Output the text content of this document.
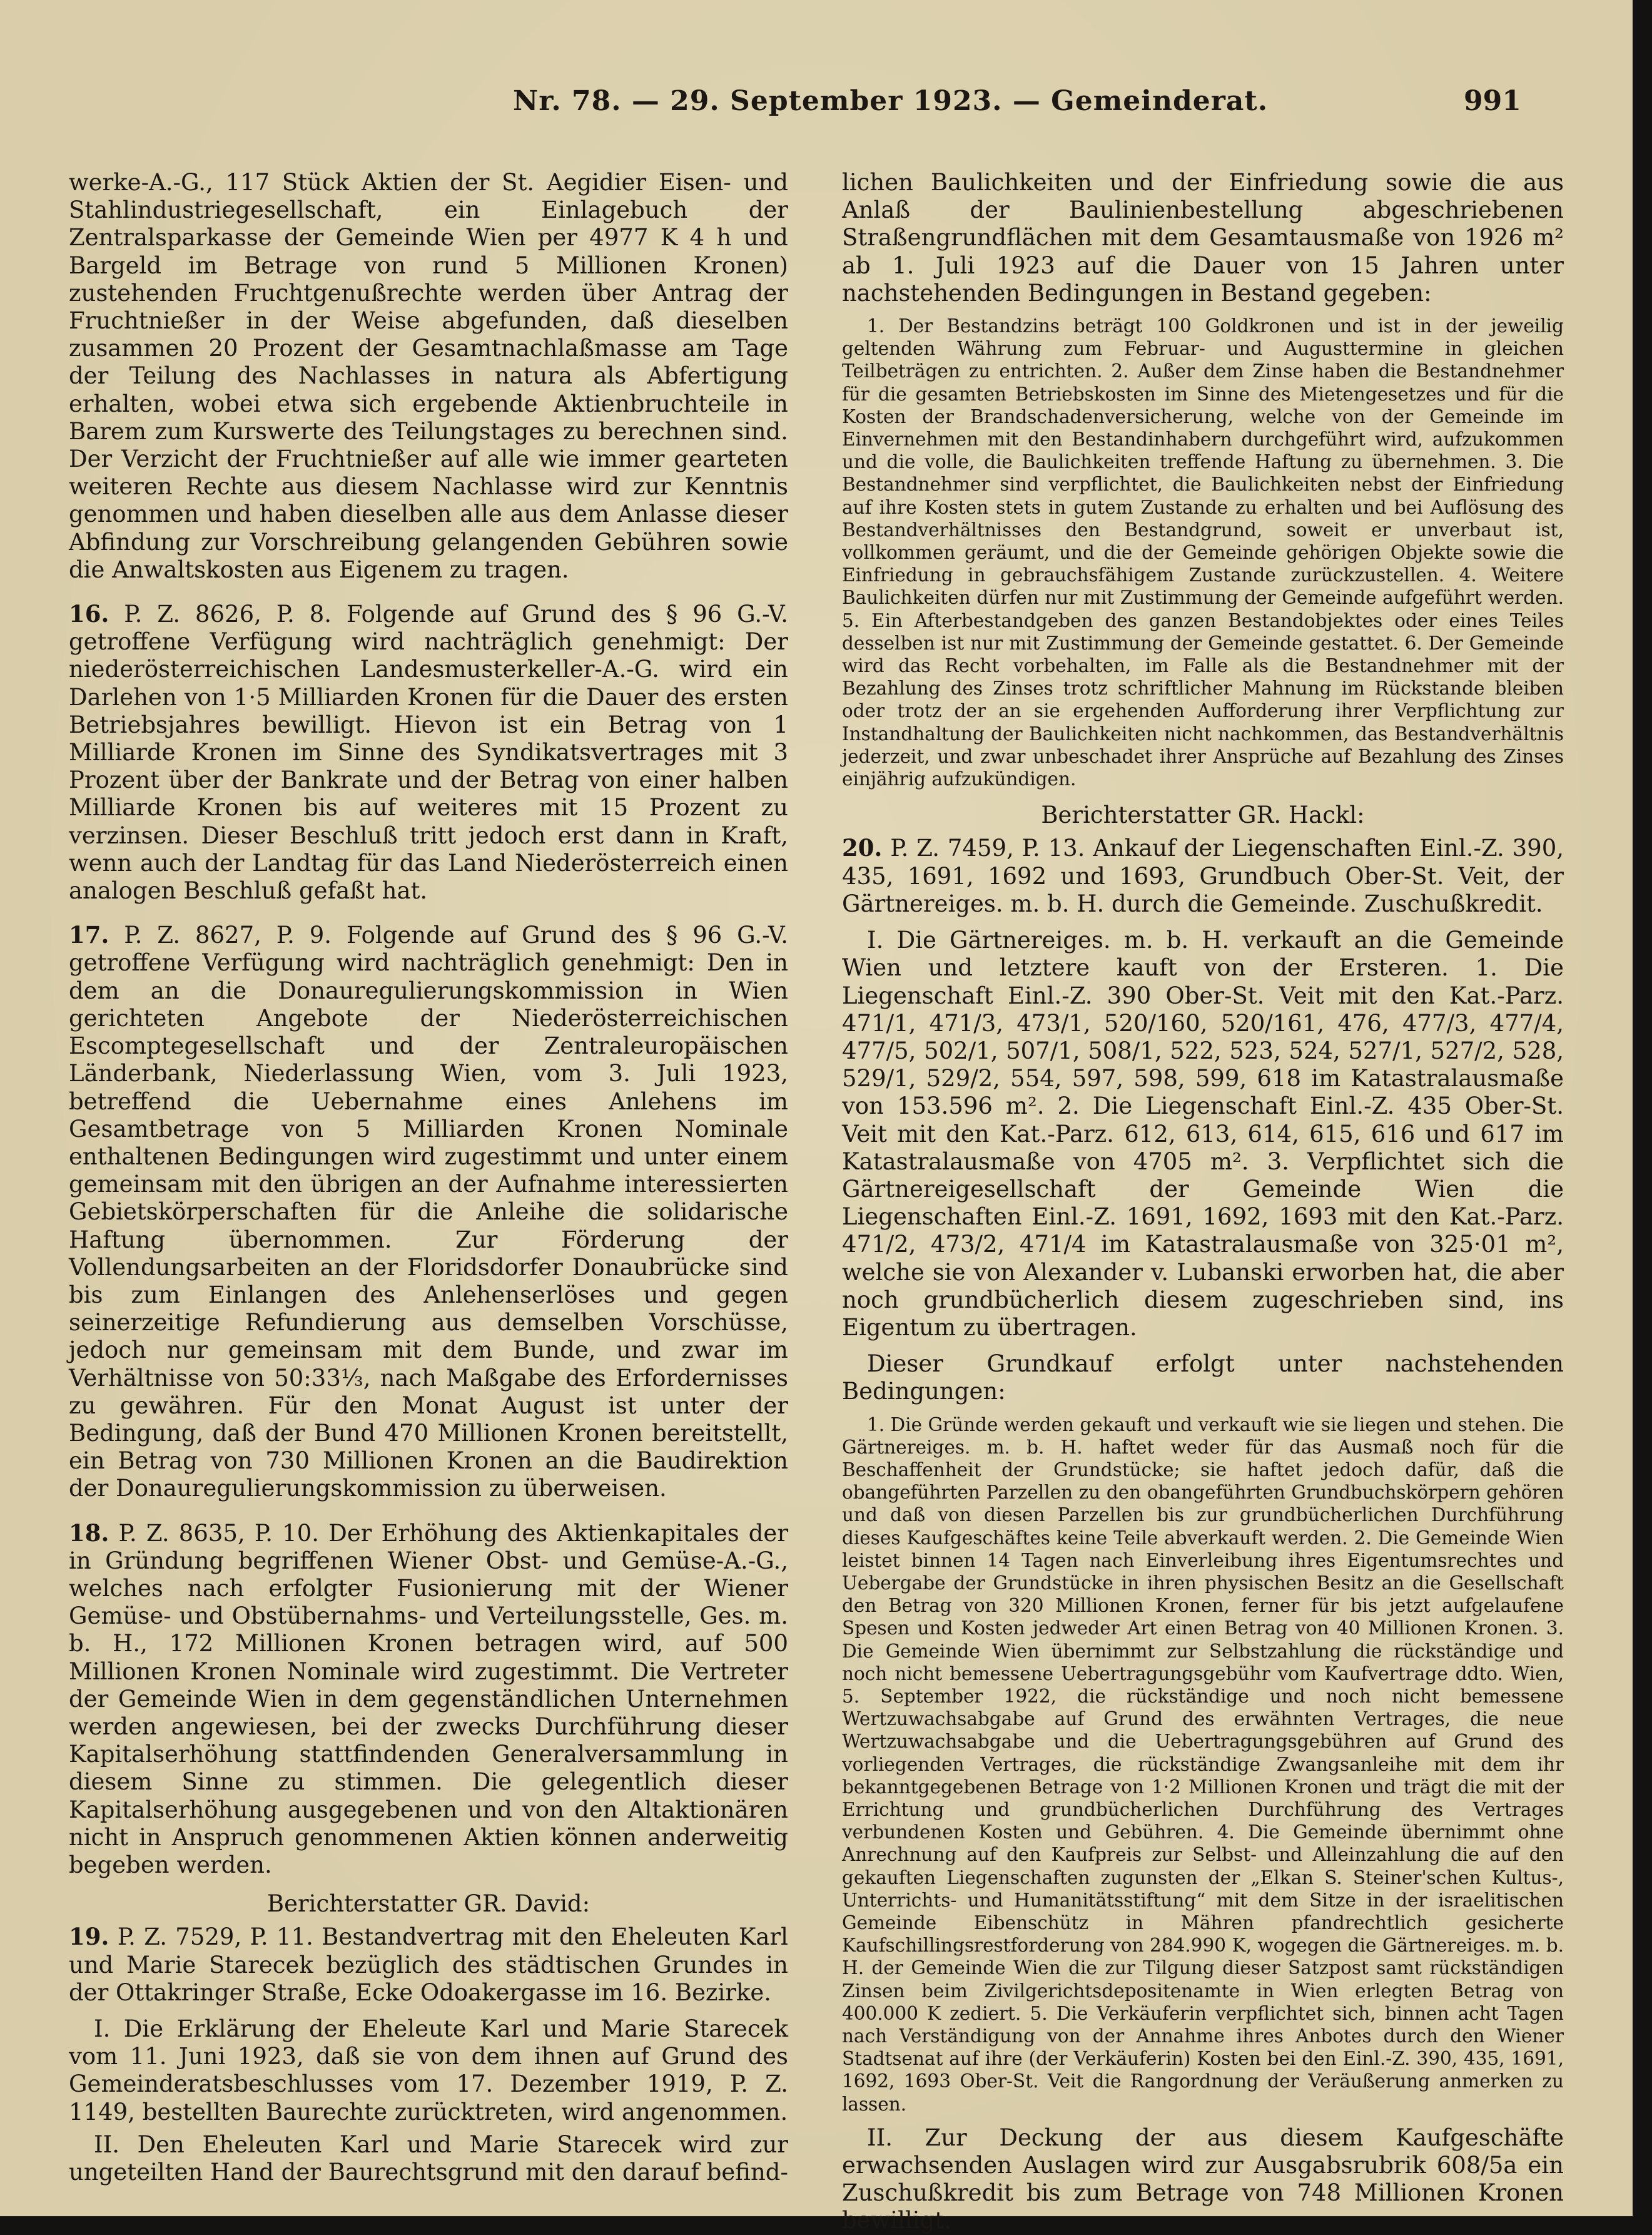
Nr. 78. — 29. September 1923. — Gemeinderat.	991

werke-A.-G., 117 Stück Aktien der St. Aegidier Eisen- und Stahlindustriegesellschaft, ein Einlagebuch der Zentralsparkasse der Gemeinde Wien per 4977 K 4 h und Bargeld im Betrage von rund 5 Millionen Kronen) zustehenden Fruchtgenußrechte werden über Antrag der Fruchtnießer in der Weise abgefunden, daß dieselben zusammen 20 Prozent der Gesamtnachlaßmasse am Tage der Teilung des Nachlasses in natura als Abfertigung erhalten, wobei etwa sich ergebende Aktienbruchteile in Barem zum Kurswerte des Teilungstages zu berechnen sind. Der Verzicht der Fruchtnießer auf alle wie immer gearteten weiteren Rechte aus diesem Nachlasse wird zur Kenntnis genommen und haben dieselben alle aus dem Anlasse dieser Abfindung zur Vorschreibung gelangenden Gebühren sowie die Anwaltskosten aus Eigenem zu tragen.

16. P. Z. 8626, P. 8. Folgende auf Grund des § 96 G.-V. getroffene Verfügung wird nachträglich genehmigt: Der niederösterreichischen Landesmusterkeller-A.-G. wird ein Darlehen von 1·5 Milliarden Kronen für die Dauer des ersten Betriebsjahres bewilligt. Hievon ist ein Betrag von 1 Milliarde Kronen im Sinne des Syndikatsvertrages mit 3 Prozent über der Bankrate und der Betrag von einer halben Milliarde Kronen bis auf weiteres mit 15 Prozent zu verzinsen. Dieser Beschluß tritt jedoch erst dann in Kraft, wenn auch der Landtag für das Land Niederösterreich einen analogen Beschluß gefaßt hat.

17. P. Z. 8627, P. 9. Folgende auf Grund des § 96 G.-V. getroffene Verfügung wird nachträglich genehmigt: Den in dem an die Donauregulierungskommission in Wien gerichteten Angebote der Niederösterreichischen Escomptegesellschaft und der Zentraleuropäischen Länderbank, Niederlassung Wien, vom 3. Juli 1923, betreffend die Uebernahme eines Anlehens im Gesamtbetrage von 5 Milliarden Kronen Nominale enthaltenen Bedingungen wird zugestimmt und unter einem gemeinsam mit den übrigen an der Aufnahme interessierten Gebietskörperschaften für die Anleihe die solidarische Haftung übernommen. Zur Förderung der Vollendungsarbeiten an der Floridsdorfer Donaubrücke sind bis zum Einlangen des Anlehenserlöses und gegen seinerzeitige Refundierung aus demselben Vorschüsse, jedoch nur gemeinsam mit dem Bunde, und zwar im Verhältnisse von 50:33⅓, nach Maßgabe des Erfordernisses zu gewähren. Für den Monat August ist unter der Bedingung, daß der Bund 470 Millionen Kronen bereitstellt, ein Betrag von 730 Millionen Kronen an die Baudirektion der Donauregulierungskommission zu überweisen.

18. P. Z. 8635, P. 10. Der Erhöhung des Aktienkapitales der in Gründung begriffenen Wiener Obst- und Gemüse-A.-G., welches nach erfolgter Fusionierung mit der Wiener Gemüse- und Obstübernahms- und Verteilungsstelle, Ges. m. b. H., 172 Millionen Kronen betragen wird, auf 500 Millionen Kronen Nominale wird zugestimmt. Die Vertreter der Gemeinde Wien in dem gegenständlichen Unternehmen werden angewiesen, bei der zwecks Durchführung dieser Kapitalserhöhung stattfindenden Generalversammlung in diesem Sinne zu stimmen. Die gelegentlich dieser Kapitalserhöhung ausgegebenen und von den Altaktionären nicht in Anspruch genommenen Aktien können anderweitig begeben werden.

Berichterstatter GR. David:

19. P. Z. 7529, P. 11. Bestandvertrag mit den Eheleuten Karl und Marie Starecek bezüglich des städtischen Grundes in der Ottakringer Straße, Ecke Odoakergasse im 16. Bezirke.

I. Die Erklärung der Eheleute Karl und Marie Starecek vom 11. Juni 1923, daß sie von dem ihnen auf Grund des Gemeinderatsbeschlusses vom 17. Dezember 1919, P. Z. 1149, bestellten Baurechte zurücktreten, wird angenommen.

II. Den Eheleuten Karl und Marie Starecek wird zur ungeteilten Hand der Baurechtsgrund mit den darauf befind-

lichen Baulichkeiten und der Einfriedung sowie die aus Anlaß der Baulinienbestellung abgeschriebenen Straßengrundflächen mit dem Gesamtausmaße von 1926 m² ab 1. Juli 1923 auf die Dauer von 15 Jahren unter nachstehenden Bedingungen in Bestand gegeben:

1. Der Bestandzins beträgt 100 Goldkronen und ist in der jeweilig geltenden Währung zum Februar- und Augusttermine in gleichen Teilbeträgen zu entrichten. 2. Außer dem Zinse haben die Bestandnehmer für die gesamten Betriebskosten im Sinne des Mietengesetzes und für die Kosten der Brandschadenversicherung, welche von der Gemeinde im Einvernehmen mit den Bestandinhabern durchgeführt wird, aufzukommen und die volle, die Baulichkeiten treffende Haftung zu übernehmen. 3. Die Bestandnehmer sind verpflichtet, die Baulichkeiten nebst der Einfriedung auf ihre Kosten stets in gutem Zustande zu erhalten und bei Auflösung des Bestandverhältnisses den Bestandgrund, soweit er unverbaut ist, vollkommen geräumt, und die der Gemeinde gehörigen Objekte sowie die Einfriedung in gebrauchsfähigem Zustande zurückzustellen. 4. Weitere Baulichkeiten dürfen nur mit Zustimmung der Gemeinde aufgeführt werden. 5. Ein Afterbestandgeben des ganzen Bestandobjektes oder eines Teiles desselben ist nur mit Zustimmung der Gemeinde gestattet. 6. Der Gemeinde wird das Recht vorbehalten, im Falle als die Bestandnehmer mit der Bezahlung des Zinses trotz schriftlicher Mahnung im Rückstande bleiben oder trotz der an sie ergehenden Aufforderung ihrer Verpflichtung zur Instandhaltung der Baulichkeiten nicht nachkommen, das Bestandverhältnis jederzeit, und zwar unbeschadet ihrer Ansprüche auf Bezahlung des Zinses einjährig aufzukündigen.

Berichterstatter GR. Hackl:

20. P. Z. 7459, P. 13. Ankauf der Liegenschaften Einl.-Z. 390, 435, 1691, 1692 und 1693, Grundbuch Ober-St. Veit, der Gärtnereiges. m. b. H. durch die Gemeinde. Zuschußkredit.

I. Die Gärtnereiges. m. b. H. verkauft an die Gemeinde Wien und letztere kauft von der Ersteren. 1. Die Liegenschaft Einl.-Z. 390 Ober-St. Veit mit den Kat.-Parz. 471/1, 471/3, 473/1, 520/160, 520/161, 476, 477/3, 477/4, 477/5, 502/1, 507/1, 508/1, 522, 523, 524, 527/1, 527/2, 528, 529/1, 529/2, 554, 597, 598, 599, 618 im Katastralausmaße von 153.596 m². 2. Die Liegenschaft Einl.-Z. 435 Ober-St. Veit mit den Kat.-Parz. 612, 613, 614, 615, 616 und 617 im Katastralausmaße von 4705 m². 3. Verpflichtet sich die Gärtnereigesellschaft der Gemeinde Wien die Liegenschaften Einl.-Z. 1691, 1692, 1693 mit den Kat.-Parz. 471/2, 473/2, 471/4 im Katastralausmaße von 325·01 m², welche sie von Alexander v. Lubanski erworben hat, die aber noch grundbücherlich diesem zugeschrieben sind, ins Eigentum zu übertragen.

Dieser Grundkauf erfolgt unter nachstehenden Bedingungen:

1. Die Gründe werden gekauft und verkauft wie sie liegen und stehen. Die Gärtnereiges. m. b. H. haftet weder für das Ausmaß noch für die Beschaffenheit der Grundstücke; sie haftet jedoch dafür, daß die obangeführten Parzellen zu den obangeführten Grundbuchskörpern gehören und daß von diesen Parzellen bis zur grundbücherlichen Durchführung dieses Kaufgeschäftes keine Teile abverkauft werden. 2. Die Gemeinde Wien leistet binnen 14 Tagen nach Einverleibung ihres Eigentumsrechtes und Uebergabe der Grundstücke in ihren physischen Besitz an die Gesellschaft den Betrag von 320 Millionen Kronen, ferner für bis jetzt aufgelaufene Spesen und Kosten jedweder Art einen Betrag von 40 Millionen Kronen. 3. Die Gemeinde Wien übernimmt zur Selbstzahlung die rückständige und noch nicht bemessene Uebertragungsgebühr vom Kaufvertrage ddto. Wien, 5. September 1922, die rückständige und noch nicht bemessene Wertzuwachsabgabe auf Grund des erwähnten Vertrages, die neue Wertzuwachsabgabe und die Uebertragungsgebühren auf Grund des vorliegenden Vertrages, die rückständige Zwangsanleihe mit dem ihr bekanntgegebenen Betrage von 1·2 Millionen Kronen und trägt die mit der Errichtung und grundbücherlichen Durchführung des Vertrages verbundenen Kosten und Gebühren. 4. Die Gemeinde übernimmt ohne Anrechnung auf den Kaufpreis zur Selbst- und Alleinzahlung die auf den gekauften Liegenschaften zugunsten der „Elkan S. Steiner'schen Kultus-, Unterrichts- und Humanitätsstiftung“ mit dem Sitze in der israelitischen Gemeinde Eibenschütz in Mähren pfandrechtlich gesicherte Kaufschillingsrestforderung von 284.990 K, wogegen die Gärtnereiges. m. b. H. der Gemeinde Wien die zur Tilgung dieser Satzpost samt rückständigen Zinsen beim Zivilgerichtsdepositenamte in Wien erlegten Betrag von 400.000 K zediert. 5. Die Verkäuferin verpflichtet sich, binnen acht Tagen nach Verständigung von der Annahme ihres Anbotes durch den Wiener Stadtsenat auf ihre (der Verkäuferin) Kosten bei den Einl.-Z. 390, 435, 1691, 1692, 1693 Ober-St. Veit die Rangordnung der Veräußerung anmerken zu lassen.

II. Zur Deckung der aus diesem Kaufgeschäfte erwachsenden Auslagen wird zur Ausgabsrubrik 608/5a ein Zuschußkredit bis zum Betrage von 748 Millionen Kronen bewilligt.
